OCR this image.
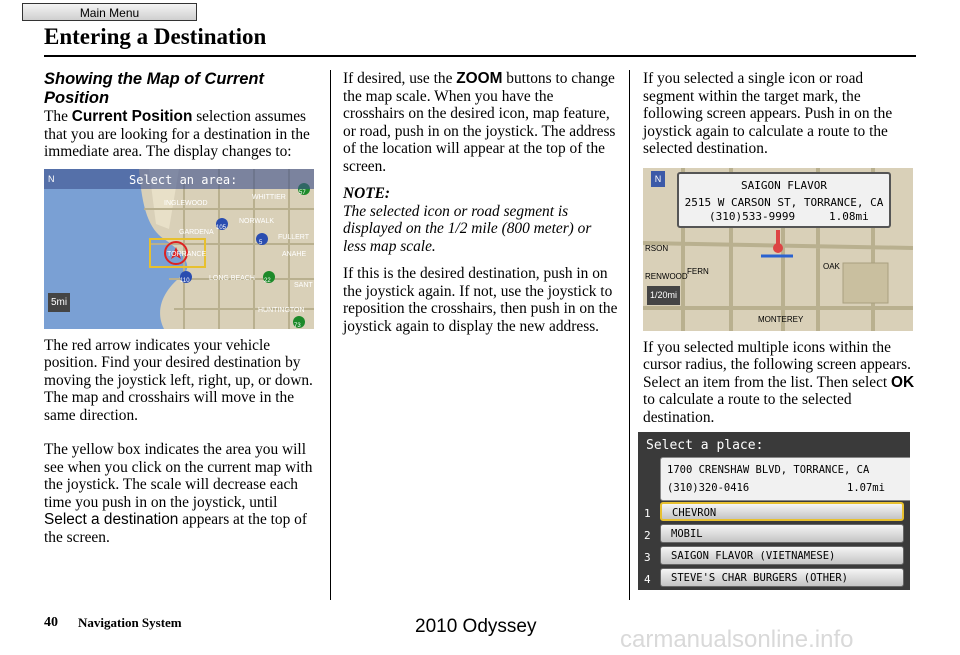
Main Menu
Entering a Destination

Showing the Map of Current Position

The Current Position selection assumes that you are looking for a destination in the immediate area. The display changes to:

Select an area:
N
5mi
INGLEWOOD
WHITTIER
GARDENA
NORWALK
FULLERT
TORRANCE	ANAHE
LONG BEACH
SANT
HUNTINGTON
105
5
110	22
73
57

The red arrow indicates your vehicle position. Find your desired destination by moving the joystick left, right, up, or down. The map and crosshairs will move in the same direction.

The yellow box indicates the area you will see when you click on the current map with the joystick. The scale will decrease each time you push in on the joystick, until Select a destination appears at the top of the screen.

If desired, use the ZOOM buttons to change the map scale. When you have the crosshairs on the desired icon, map feature, or road, push in on the joystick. The address of the location will appear at the top of the screen.

NOTE:

The selected icon or road segment is displayed on the 1/2 mile (800 meter) or less map scale.

If this is the desired destination, push in on the joystick again. If not, use the joystick to reposition the crosshairs, then push in on the joystick again to display the new address.

If you selected a single icon or road segment within the target mark, the following screen appears. Push in on the joystick again to calculate a route to the selected destination.

SAIGON FLAVOR
2515 W CARSON ST, TORRANCE, CA
(310)533-9999	1.08mi
N
1/20mi
RSON
FERN
OAK
MONTEREY
RENWOOD

If you selected multiple icons within the cursor radius, the following screen appears. Select an item from the list. Then select OK to calculate a route to the selected destination.

Select a place:
1700 CRENSHAW BLVD, TORRANCE, CA
(310)320-0416	1.07mi
1	CHEVRON
2	MOBIL
3	SAIGON FLAVOR (VIETNAMESE)
4	STEVE'S CHAR BURGERS (OTHER)
40 Navigation System	2010 Odyssey	carmanualsonline.info
